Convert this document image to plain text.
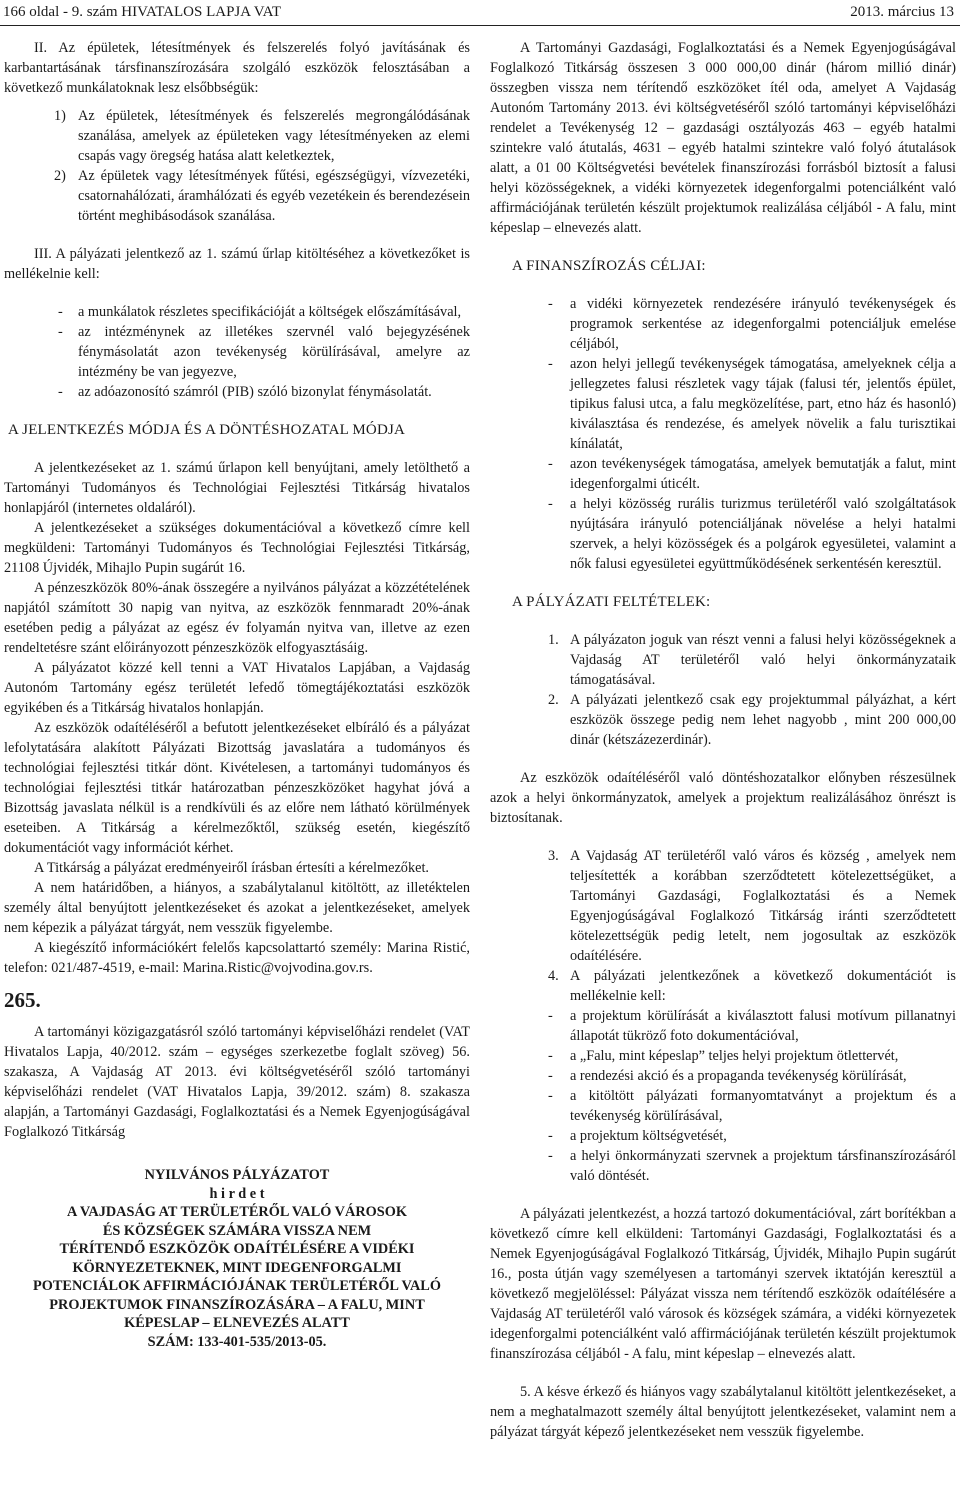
166 oldal - 9. szám HIVATALOS LAPJA VAT	2013. március 13

II. Az épületek, létesítmények és felszerelés folyó javításának és karbantartásának társfinanszírozására szolgáló eszközök felosztásában a következő munkálatoknak lesz elsőbbségük:

1) Az épületek, létesítmények és felszerelés megrongálódásának szanálása, amelyek az épületeken vagy létesítményeken az elemi csapás vagy öregség hatása alatt keletkeztek,
2) Az épületek vagy létesítmények fűtési, egészségügyi, vízvezetéki, csatornahálózati, áramhálózati és egyéb vezetékein és berendezésein történt meghibásodások szanálása.

III. A pályázati jelentkező az 1. számú űrlap kitöltéséhez a következőket is mellékelnie kell:

- a munkálatok részletes specifikációját a költségek előszámításával,
- az intézménynek az illetékes szervnél való bejegyzésének fénymásolatát azon tevékenység körülírásával, amelyre az intézmény be van jegyezve,
- az adóazonosító számról (PIB) szóló bizonylat fénymásolatát.

A JELENTKEZÉS MÓDJA ÉS A DÖNTÉSHOZATAL MÓDJA

A jelentkezéseket az 1. számú űrlapon kell benyújtani, amely letölthető a Tartományi Tudományos és Technológiai Fejlesztési Titkárság hivatalos honlapjáról (internetes oldaláról).

A jelentkezéseket a szükséges dokumentációval a következő címre kell megküldeni: Tartományi Tudományos és Technológiai Fejlesztési Titkárság, 21108 Újvidék, Mihajlo Pupin sugárút 16.

A pénzeszközök 80%-ának összegére a nyilvános pályázat a közzétételének napjától számított 30 napig van nyitva, az eszközök fennmaradt 20%-ának esetében pedig a pályázat az egész év folyamán nyitva van, illetve az ezen rendeltetésre szánt előirányozott pénzeszközök elfogyasztásáig.

A pályázatot közzé kell tenni a VAT Hivatalos Lapjában, a Vajdaság Autonóm Tartomány egész területét lefedő tömegtájékoztatási eszközök egyikében és a Titkárság hivatalos honlapján.

Az eszközök odaítéléséről a befutott jelentkezéseket elbíráló és a pályázat lefolytatására alakított Pályázati Bizottság javaslatára a tudományos és technológiai fejlesztési titkár dönt. Kivételesen, a tartományi tudományos és technológiai fejlesztési titkár határozatban pénzeszközöket hagyhat jóvá a Bizottság javaslata nélkül is a rendkívüli és az előre nem látható körülmények eseteiben. A Titkárság a kérelmezőktől, szükség esetén, kiegészítő dokumentációt vagy információt kérhet.

A Titkárság a pályázat eredményeiről írásban értesíti a kérelmezőket.

A nem határidőben, a hiányos, a szabálytalanul kitöltött, az illetéktelen személy által benyújtott jelentkezéseket és azokat a jelentkezéseket, amelyek nem képezik a pályázat tárgyát, nem vesszük figyelembe.

A kiegészítő információkért felelős kapcsolattartó személy: Marina Ristić, telefon: 021/487-4519, e-mail: Marina.Ristic@vojvodina.gov.rs.

265.

A tartományi közigazgatásról szóló tartományi képviselőházi rendelet (VAT Hivatalos Lapja, 40/2012. szám – egységes szerkezetbe foglalt szöveg) 56. szakasza, A Vajdaság AT 2013. évi költségvetéséről szóló tartományi képviselőházi rendelet (VAT Hivatalos Lapja, 39/2012. szám) 8. szakasza alapján, a Tartományi Gazdasági, Foglalkoztatási és a Nemek Egyenjogúságával Foglalkozó Titkárság

NYILVÁNOS PÁLYÁZATOT

h i r d e t

A VAJDASÁG AT TERÜLETÉRŐL VALÓ VÁROSOK

ÉS KÖZSÉGEK SZÁMÁRA VISSZA NEM

TÉRÍTENDŐ ESZKÖZÖK ODAÍTÉLÉSÉRE A VIDÉKI

KÖRNYEZETEKNEK, MINT IDEGENFORGALMI

POTENCIÁLOK AFFIRMÁCIÓJÁNAK TERÜLETÉRŐL VALÓ

PROJEKTUMOK FINANSZÍROZÁSÁRA – A FALU, MINT

KÉPESLAP – ELNEVEZÉS ALATT

SZÁM: 133-401-535/2013-05.

A Tartományi Gazdasági, Foglalkoztatási és a Nemek Egyenjogúságával Foglalkozó Titkárság összesen 3 000 000,00 dinár (három millió dinár) összegben vissza nem térítendő eszközöket ítél oda, amelyet A Vajdaság Autonóm Tartomány 2013. évi költségvetéséről szóló tartományi képviselőházi rendelet a Tevékenység 12 – gazdasági osztályozás 463 – egyéb hatalmi szintekre való átutalás, 4631 – egyéb hatalmi szintekre való folyó átutalások alatt, a 01 00 Költségvetési bevételek finanszírozási forrásból biztosít a falusi helyi közösségeknek, a vidéki környezetek idegenforgalmi potenciálként való affirmációjának területén készült projektumok realizálása céljából - A falu, mint képeslap – elnevezés alatt.

A FINANSZÍROZÁS CÉLJAI:

- a vidéki környezetek rendezésére irányuló tevékenységek és programok serkentése az idegenforgalmi potenciáljuk emelése céljából,
- azon helyi jellegű tevékenységek támogatása, amelyeknek célja a jellegzetes falusi részletek vagy tájak (falusi tér, jelentős épület, tipikus falusi utca, a falu megközelítése, part, etno ház és hasonló) kiválasztása és rendezése, és amelyek növelik a falu turisztikai kínálatát,
- azon tevékenységek támogatása, amelyek bemutatják a falut, mint idegenforgalmi úticélt.
- a helyi közösség rurális turizmus területéről való szolgáltatások nyújtására irányuló potenciáljának növelése a helyi hatalmi szervek, a helyi közösségek és a polgárok egyesületei, valamint a nők falusi egyesületei együttműködésének serkentésén keresztül.

A PÁLYÁZATI FELTÉTELEK:

1. A pályázaton joguk van részt venni a falusi helyi közösségeknek a Vajdaság AT területéről való helyi önkormányzataik támogatásával.
2. A pályázati jelentkező csak egy projektummal pályázhat, a kért eszközök összege pedig nem lehet nagyobb , mint 200 000,00 dinár (kétszázezerdinár).

Az eszközök odaítéléséről való döntéshozatalkor előnyben részesülnek azok a helyi önkormányzatok, amelyek a projektum realizálásához önrészt is biztosítanak.

3. A Vajdaság AT területéről való város és község , amelyek nem teljesítették a korábban szerződtetett kötelezettségüket, a Tartományi Gazdasági, Foglalkoztatási és a Nemek Egyenjogúságával Foglalkozó Titkárság iránti szerződtetett kötelezettségük pedig letelt, nem jogosultak az eszközök odaítélésére.
4. A pályázati jelentkezőnek a következő dokumentációt is mellékelnie kell:
- a projektum körülírását a kiválasztott falusi motívum pillanatnyi állapotát tükröző foto dokumentációval,
- a „Falu, mint képeslap” teljes helyi projektum ötlettervét,
- a rendezési akció és a propaganda tevékenység körülírását,
- a kitöltött pályázati formanyomtatványt a projektum és a tevékenység körülírásával,
- a projektum költségvetését,
- a helyi önkormányzati szervnek a projektum társfinanszírozásáról való döntését.

A pályázati jelentkezést, a hozzá tartozó dokumentációval, zárt borítékban a következő címre kell elküldeni: Tartományi Gazdasági, Foglalkoztatási és a Nemek Egyenjogúságával Foglalkozó Titkárság, Újvidék, Mihajlo Pupin sugárút 16., posta útján vagy személyesen a tartományi szervek iktatóján keresztül a következő megjelöléssel: Pályázat vissza nem térítendő eszközök odaítélésére a Vajdaság AT területéről való városok és községek számára, a vidéki környezetek idegenforgalmi potenciálként való affirmációjának területén készült projektumok finanszírozása céljából - A falu, mint képeslap – elnevezés alatt.

5. A késve érkező és hiányos vagy szabálytalanul kitöltött jelentkezéseket, a nem a meghatalmazott személy által benyújtott jelentkezéseket, valamint nem a pályázat tárgyát képező jelentkezéseket nem vesszük figyelembe.
